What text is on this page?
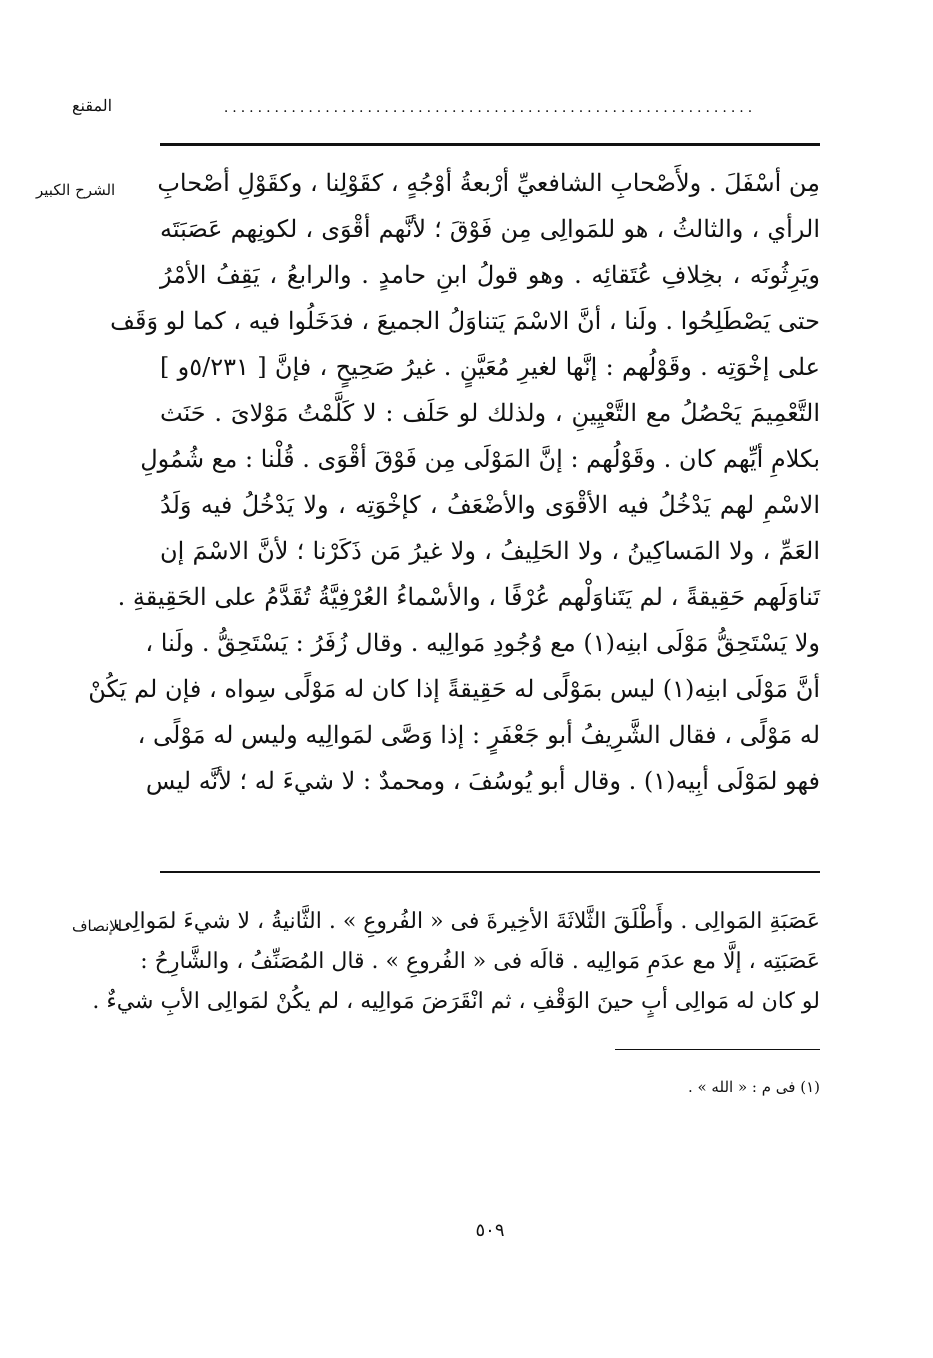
المقنع	...............................................................
الشرح الكبير
الإنصاف
مِن أسْفَلَ . ولأَصْحابِ الشافعيِّ أرْبعةُ أوْجُهٍ ، كقَوْلِنا ، وكقَوْلِ أصْحابِ
الرأي ، والثالثُ ، هو للمَوالِى مِن فَوْقَ ؛ لأنَّهم أقْوَى ، لكونِهم عَصَبَتَه
ويَرِثُونَه ، بخِلافِ عُتَقائِه . وهو قولُ ابنِ حامدٍ . والرابعُ ، يَقِفُ الأمْرُ
حتى يَصْطَلِحُوا . ولَنا ، أنَّ الاسْمَ يَتناوَلُ الجميعَ ، فدَخَلُوا فيه ، كما لو وَقَف
على إخْوَتِه . وقَوْلُهم : إنَّها لغيرِ مُعَيَّنٍ . غيرُ صَحِيحٍ ، فإنَّ [ ٥/٢٣١و ]
التَّعْمِيمَ يَحْصُلُ مع التَّعْيِينِ ، ولذلك لو حَلَف : لا كَلَّمْتُ مَوْلاىَ . حَنَث
بكلامِ أيِّهم كان . وقَوْلُهم : إنَّ المَوْلَى مِن فَوْقَ أقْوَى . قُلْنا : مع شُمُولِ
الاسْمِ لهم يَدْخُلُ فيه الأقْوَى والأضْعَفُ ، كإخْوَتِه ، ولا يَدْخُلُ فيه وَلَدُ
العَمِّ ، ولا المَساكِينُ ، ولا الحَلِيفُ ، ولا غيرُ مَن ذَكَرْنا ؛ لأنَّ الاسْمَ إن
تَناوَلَهم حَقِيقةً ، لم يَتَناوَلْهم عُرْفًا ، والأسْماءُ العُرْفِيَّةُ تُقَدَّمُ على الحَقِيقةِ .
ولا يَسْتَحِقُّ مَوْلَى ابنِه(١) مع وُجُودِ مَوالِيه . وقال زُفَرُ : يَسْتَحِقُّ . ولَنا ،
أنَّ مَوْلَى ابنِه(١) ليس بمَوْلًى له حَقِيقةً إذا كان له مَوْلًى سِواه ، فإن لم يَكُنْ
له مَوْلًى ، فقال الشَّرِيفُ أبو جَعْفَرٍ : إذا وَصَّى لمَوالِيه وليس له مَوْلًى ،
فهو لمَوْلَى أبِيه(١) . وقال أبو يُوسُفَ ، ومحمدٌ : لا شيءَ له ؛ لأنَّه ليس
عَصَبَةِ المَوالِى . وأَطْلَقَ الثَّلاثَةَ الأخِيرةَ فى « الفُروعِ » . الثَّانيةُ ، لا شيءَ لمَوالِى
عَصَبَتِه ، إلَّا مع عدَمِ مَوالِيه . قالَه فى « الفُروعِ » . قال المُصَنِّفُ ، والشَّارِحُ :
لو كان له مَوالِى أبٍ حينَ الوَقْفِ ، ثم انْقَرَضَ مَوالِيه ، لم يكُنْ لمَوالِى الأبِ شيءٌ .
(١) فى م : « الله » .
٥٠٩
